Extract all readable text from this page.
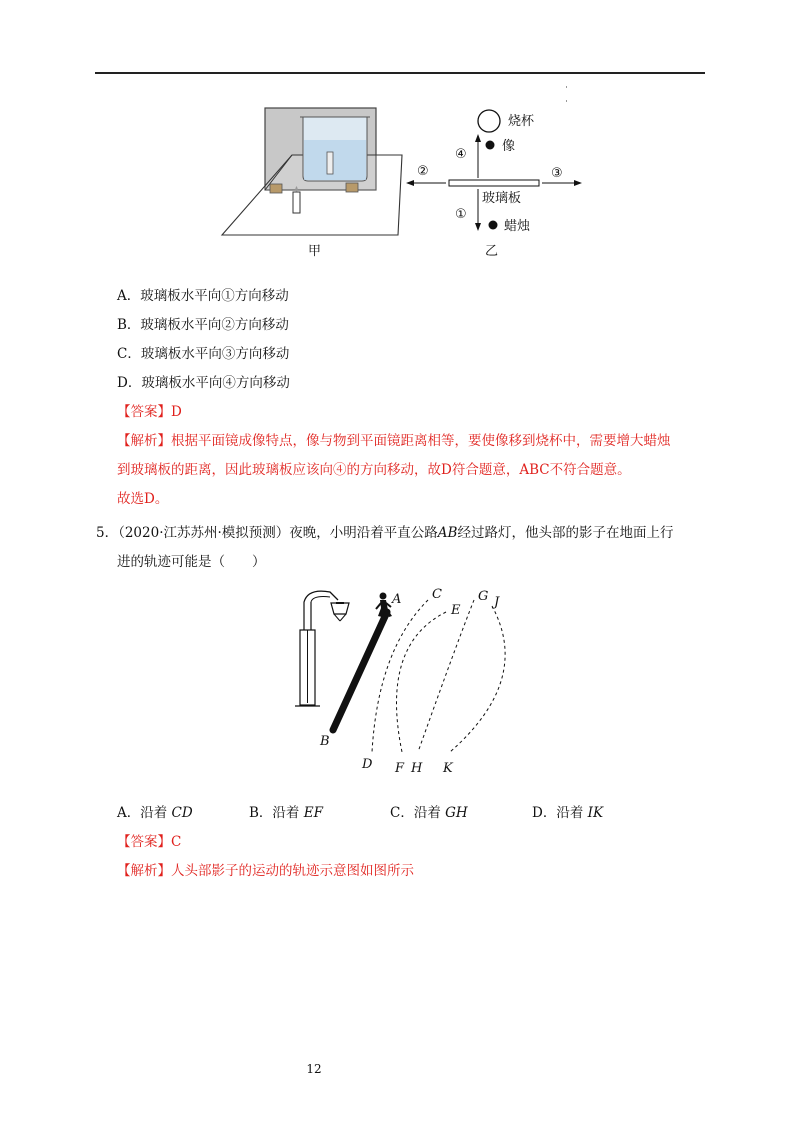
甲
烧杯
像
④
②	③
①
玻璃板
蜡烛
乙
A．玻璃板水平向①方向移动
B．玻璃板水平向②方向移动
C．玻璃板水平向③方向移动
D．玻璃板水平向④方向移动
【答案】D
【解析】根据平面镜成像特点，像与物到平面镜距离相等，要使像移到烧杯中，需要增大蜡烛
到玻璃板的距离，因此玻璃板应该向④的方向移动，故D符合题意，ABC不符合题意。
故选D。
5．（2020·江苏苏州·模拟预测）夜晚，小明沿着平直公路AB经过路灯，他头部的影子在地面上行
进的轨迹可能是（　　）
A
B
C
E
G J
D F H K
A．沿着 CD	B．沿着 EF	C．沿着 GH	D．沿着 IK
【答案】C
【解析】人头部影子的运动的轨迹示意图如图所示
12
